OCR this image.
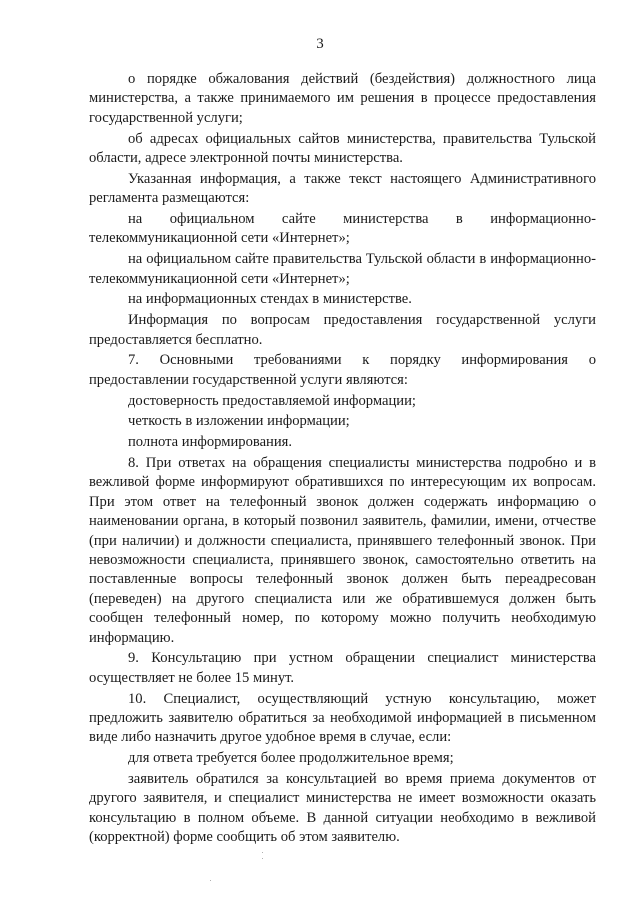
3

о порядке обжалования действий (бездействия) должностного лица министерства, а также принимаемого им решения в процессе предоставления государственной услуги;

об адресах официальных сайтов министерства, правительства Тульской области, адресе электронной почты министерства.

Указанная информация, а также текст настоящего Административного регламента размещаются:

на официальном сайте министерства в информационно-телекоммуникационной сети «Интернет»;

на официальном сайте правительства Тульской области в информационно-телекоммуникационной сети «Интернет»;

на информационных стендах в министерстве.

Информация по вопросам предоставления государственной услуги предоставляется бесплатно.

7. Основными требованиями к порядку информирования о предоставлении государственной услуги являются:

достоверность предоставляемой информации;

четкость в изложении информации;

полнота информирования.

8. При ответах на обращения специалисты министерства подробно и в вежливой форме информируют обратившихся по интересующим их вопросам. При этом ответ на телефонный звонок должен содержать информацию о наименовании органа, в который позвонил заявитель, фамилии, имени, отчестве (при наличии) и должности специалиста, принявшего телефонный звонок. При невозможности специалиста, принявшего звонок, самостоятельно ответить на поставленные вопросы телефонный звонок должен быть переадресован (переведен) на другого специалиста или же обратившемуся должен быть сообщен телефонный номер, по которому можно получить необходимую информацию.

9. Консультацию при устном обращении специалист министерства осуществляет не более 15 минут.

10. Специалист, осуществляющий устную консультацию, может предложить заявителю обратиться за необходимой информацией в письменном виде либо назначить другое удобное время в случае, если:

для ответа требуется более продолжительное время;

заявитель обратился за консультацией во время приема документов от другого заявителя, и специалист министерства не имеет возможности оказать консультацию в полном объеме. В данной ситуации необходимо в вежливой (корректной) форме сообщить об этом заявителю.
